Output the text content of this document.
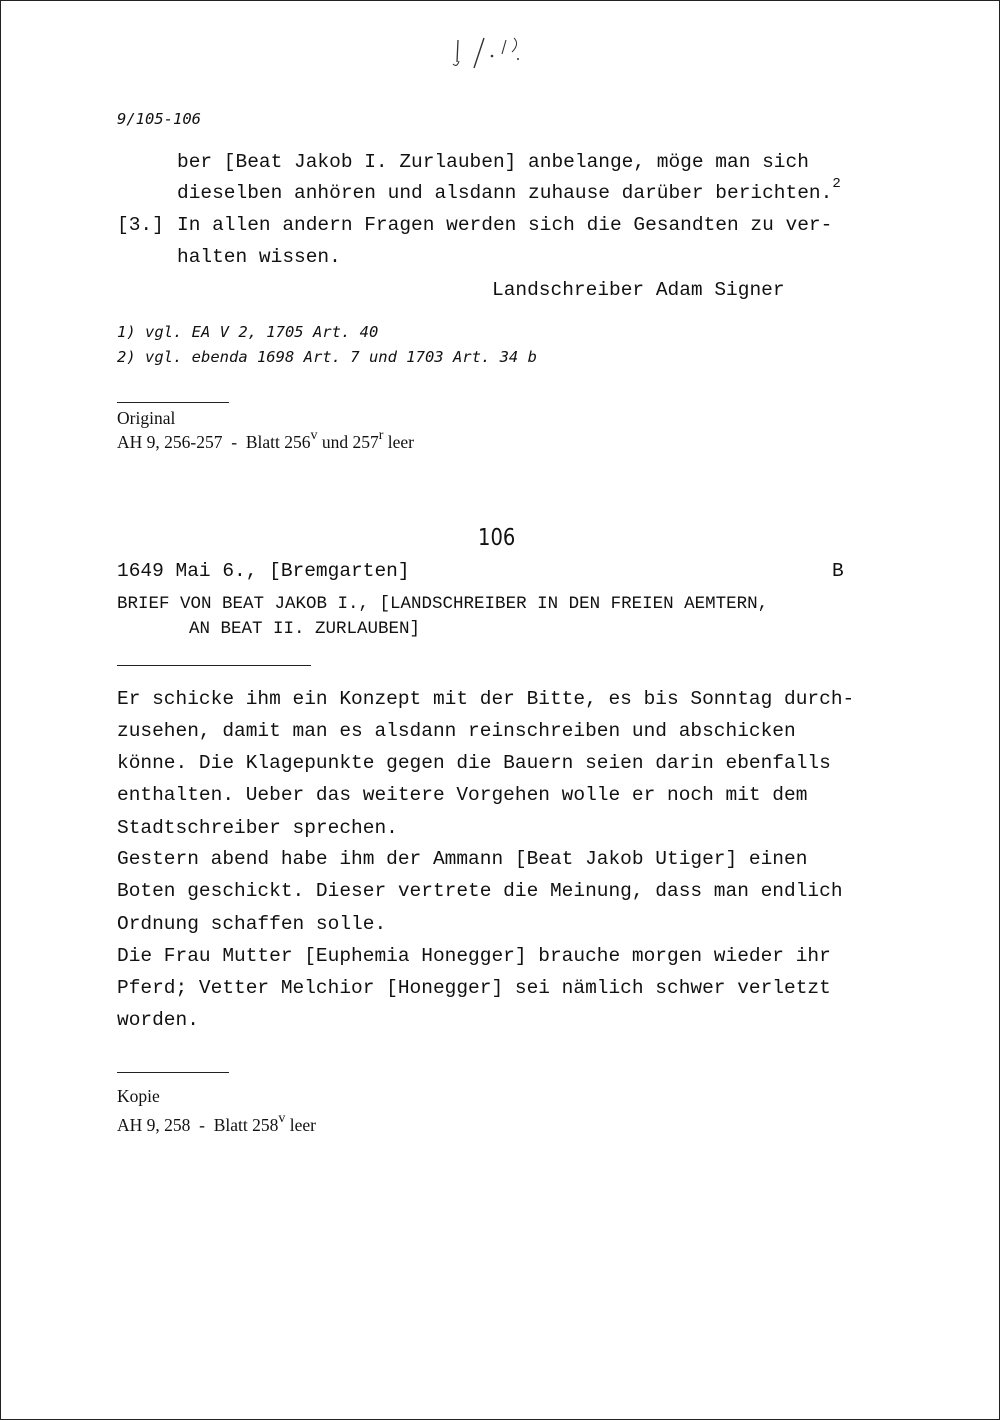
9/105-106
ber [Beat Jakob I. Zurlauben] anbelange, möge man sich
dieselben anhören und alsdann zuhause darüber berichten.$^2$
[3.] In allen andern Fragen werden sich die Gesandten zu ver-
halten wissen.
Landschreiber Adam Signer
1) vgl. EA V 2, 1705 Art. 40
2) vgl. ebenda 1698 Art. 7 und 1703 Art. 34 b
Original
AH 9, 256-257 - Blatt 256$^v$ und 257$^r$ leer
106
1649 Mai 6., [Bremgarten]	B
BRIEF VON BEAT JAKOB I., [LANDSCHREIBER IN DEN FREIEN AEMTERN,
AN BEAT II. ZURLAUBEN]
Er schicke ihm ein Konzept mit der Bitte, es bis Sonntag durch-
zusehen, damit man es alsdann reinschreiben und abschicken
könne. Die Klagepunkte gegen die Bauern seien darin ebenfalls
enthalten. Ueber das weitere Vorgehen wolle er noch mit dem
Stadtschreiber sprechen.
Gestern abend habe ihm der Ammann [Beat Jakob Utiger] einen
Boten geschickt. Dieser vertrete die Meinung, dass man endlich
Ordnung schaffen solle.
Die Frau Mutter [Euphemia Honegger] brauche morgen wieder ihr
Pferd; Vetter Melchior [Honegger] sei nämlich schwer verletzt
worden.
Kopie
AH 9, 258 - Blatt 258$^v$ leer
